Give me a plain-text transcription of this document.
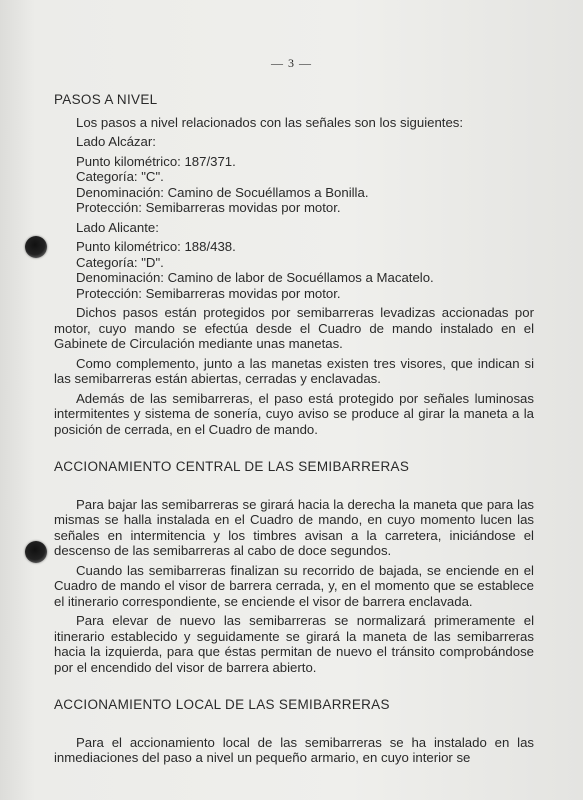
— 3 —
PASOS A NIVEL

Los pasos a nivel relacionados con las señales son los siguientes:

Lado Alcázar:
Punto kilométrico: 187/371.
Categoría: "C".
Denominación: Camino de Socuéllamos a Bonilla.
Protección: Semibarreras movidas por motor.
Lado Alicante:
Punto kilométrico: 188/438.
Categoría: "D".
Denominación: Camino de labor de Socuéllamos a Macatelo.
Protección: Semibarreras movidas por motor.

Dichos pasos están protegidos por semibarreras levadizas accionadas por motor, cuyo mando se efectúa desde el Cuadro de mando instalado en el Gabinete de Circulación mediante unas manetas.

Como complemento, junto a las manetas existen tres visores, que indican si las semibarreras están abiertas, cerradas y enclavadas.

Además de las semibarreras, el paso está protegido por señales luminosas intermitentes y sistema de sonería, cuyo aviso se produce al girar la maneta a la posición de cerrada, en el Cuadro de mando.

ACCIONAMIENTO CENTRAL DE LAS SEMIBARRERAS

Para bajar las semibarreras se girará hacia la derecha la maneta que para las mismas se halla instalada en el Cuadro de mando, en cuyo momento lucen las señales en intermitencia y los timbres avisan a la carretera, iniciándose el descenso de las semibarreras al cabo de doce segundos.

Cuando las semibarreras finalizan su recorrido de bajada, se enciende en el Cuadro de mando el visor de barrera cerrada, y, en el momento que se establece el itinerario correspondiente, se enciende el visor de barrera enclavada.

Para elevar de nuevo las semibarreras se normalizará primeramente el itinerario establecido y seguidamente se girará la maneta de las semibarreras hacia la izquierda, para que éstas permitan de nuevo el tránsito comprobándose por el encendido del visor de barrera abierto.

ACCIONAMIENTO LOCAL DE LAS SEMIBARRERAS

Para el accionamiento local de las semibarreras se ha instalado en las inmediaciones del paso a nivel un pequeño armario, en cuyo interior se
